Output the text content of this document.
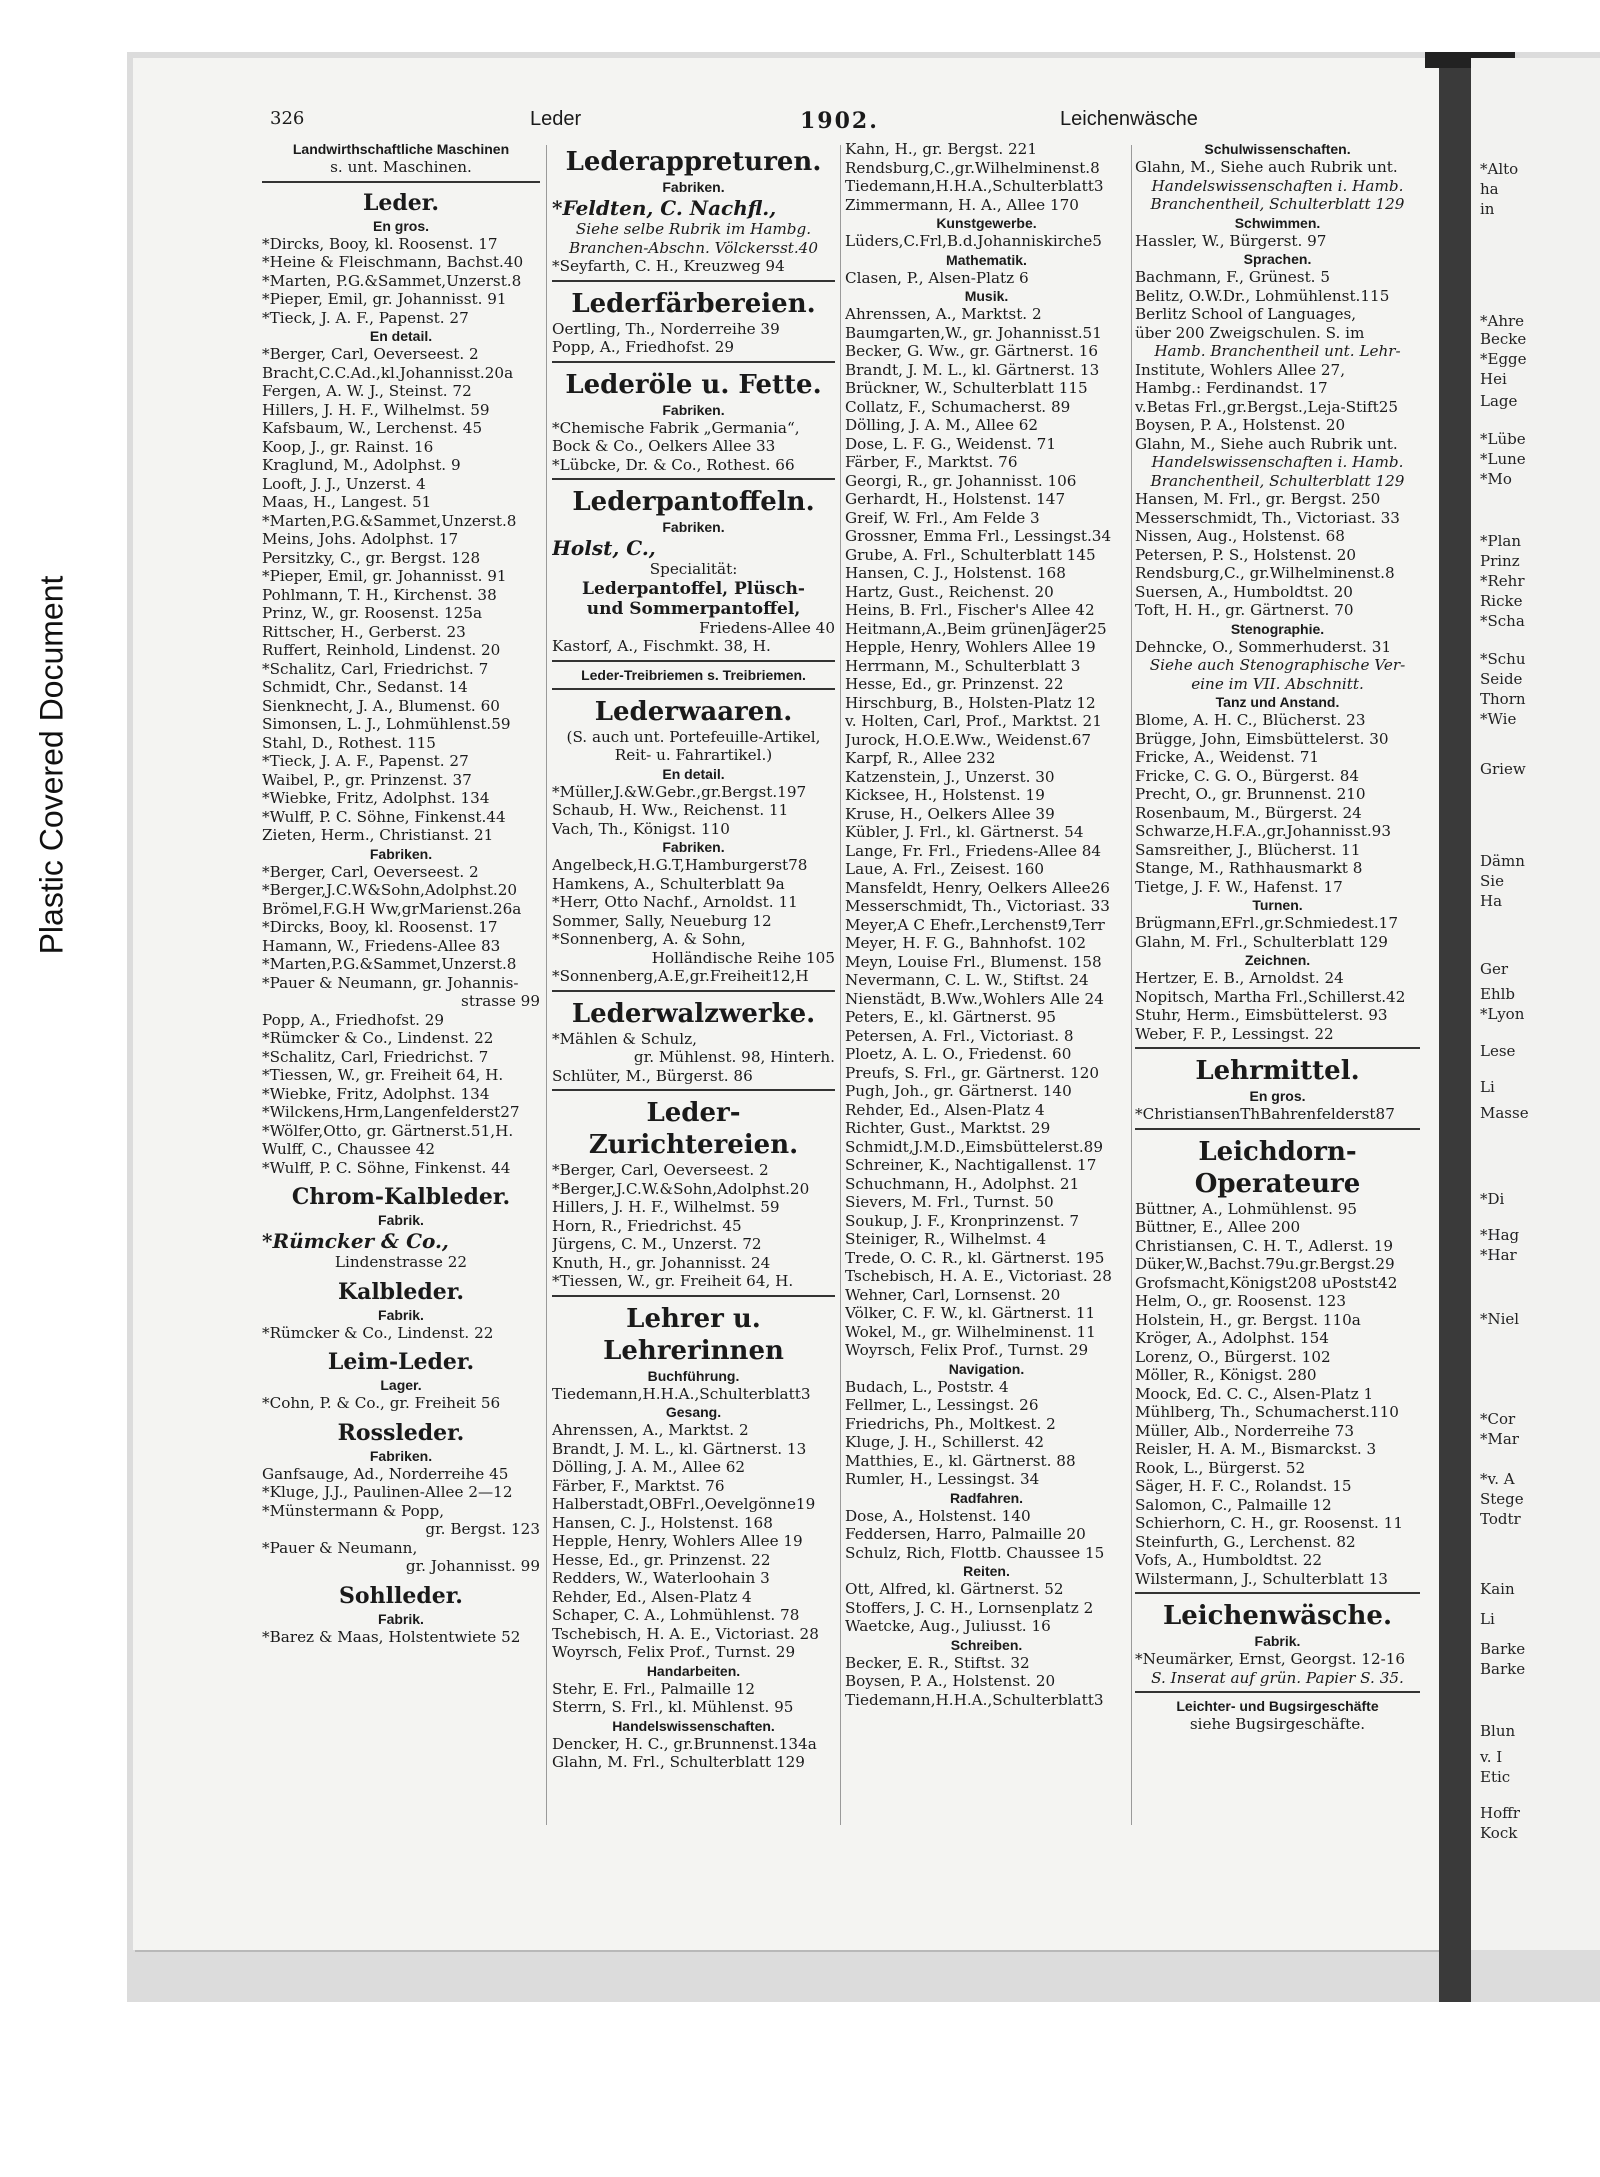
Plastic Covered Document
326	Leder	1902.	Leichenwäsche
Landwirthschaftliche Maschinen
s. unt. Maschinen.
Leder.
En gros.
*Dircks, Booy, kl. Roosenst. 17
*Heine & Fleischmann, Bachst.40
*Marten, P.G.&Sammet,Unzerst.8
*Pieper, Emil, gr. Johannisst. 91
*Tieck, J. A. F., Papenst. 27
En detail.
*Berger, Carl, Oeverseest. 2
Bracht,C.C.Ad.,kl.Johannisst.20a
Fergen, A. W. J., Steinst. 72
Hillers, J. H. F., Wilhelmst. 59
Kafsbaum, W., Lerchenst. 45
Koop, J., gr. Rainst. 16
Kraglund, M., Adolphst. 9
Looft, J. J., Unzerst. 4
Maas, H., Langest. 51
*Marten,P.G.&Sammet,Unzerst.8
Meins, Johs. Adolphst. 17
Persitzky, C., gr. Bergst. 128
*Pieper, Emil, gr. Johannisst. 91
Pohlmann, T. H., Kirchenst. 38
Prinz, W., gr. Roosenst. 125a
Rittscher, H., Gerberst. 23
Ruffert, Reinhold, Lindenst. 20
*Schalitz, Carl, Friedrichst. 7
Schmidt, Chr., Sedanst. 14
Sienknecht, J. A., Blumenst. 60
Simonsen, L. J., Lohmühlenst.59
Stahl, D., Rothest. 115
*Tieck, J. A. F., Papenst. 27
Waibel, P., gr. Prinzenst. 37
*Wiebke, Fritz, Adolphst. 134
*Wulff, P. C. Söhne, Finkenst.44
Zieten, Herm., Christianst. 21
Fabriken.
*Berger, Carl, Oeverseest. 2
*Berger,J.C.W&Sohn,Adolphst.20
Brömel,F.G.H Ww,grMarienst.26a
*Dircks, Booy, kl. Roosenst. 17
Hamann, W., Friedens-Allee 83
*Marten,P.G.&Sammet,Unzerst.8
*Pauer & Neumann, gr. Johannis-
strasse 99
Popp, A., Friedhofst. 29
*Rümcker & Co., Lindenst. 22
*Schalitz, Carl, Friedrichst. 7
*Tiessen, W., gr. Freiheit 64, H.
*Wiebke, Fritz, Adolphst. 134
*Wilckens,Hrm,Langenfelderst27
*Wölfer,Otto, gr. Gärtnerst.51,H.
Wulff, C., Chaussee 42
*Wulff, P. C. Söhne, Finkenst. 44
Chrom-Kalbleder.
Fabrik.
*Rümcker & Co.,
Lindenstrasse 22
Kalbleder.
Fabrik.
*Rümcker & Co., Lindenst. 22
Leim-Leder.
Lager.
*Cohn, P. & Co., gr. Freiheit 56
Rossleder.
Fabriken.
Ganfsauge, Ad., Norderreihe 45
*Kluge, J.J., Paulinen-Allee 2—12
*Münstermann & Popp,
gr. Bergst. 123
*Pauer & Neumann,
gr. Johannisst. 99
Sohlleder.
Fabrik.
*Barez & Maas, Holstentwiete 52
Lederappreturen.
Fabriken.
*Feldten, C. Nachfl.,
Siehe selbe Rubrik im Hambg.
Branchen-Abschn. Völckersst.40
*Seyfarth, C. H., Kreuzweg 94
Lederfärbereien.
Oertling, Th., Norderreihe 39
Popp, A., Friedhofst. 29
Lederöle u. Fette.
Fabriken.
*Chemische Fabrik „Germania“,
Bock & Co., Oelkers Allee 33
*Lübcke, Dr. & Co., Rothest. 66
Lederpantoffeln.
Fabriken.
Holst, C.,
Specialität:
Lederpantoffel, Plüsch-
und Sommerpantoffel,
Friedens-Allee 40
Kastorf, A., Fischmkt. 38, H.
Leder-Treibriemen s. Treibriemen.
Lederwaaren.
(S. auch unt. Portefeuille-Artikel,
Reit- u. Fahrartikel.)
En detail.
*Müller,J.&W.Gebr.,gr.Bergst.197
Schaub, H. Ww., Reichenst. 11
Vach, Th., Königst. 110
Fabriken.
Angelbeck,H.G.T,Hamburgerst78
Hamkens, A., Schulterblatt 9a
*Herr, Otto Nachf., Arnoldst. 11
Sommer, Sally, Neueburg 12
*Sonnenberg, A. & Sohn,
Holländische Reihe 105
*Sonnenberg,A.E,gr.Freiheit12,H
Lederwalzwerke.
*Mählen & Schulz,
gr. Mühlenst. 98, Hinterh.
Schlüter, M., Bürgerst. 86
Leder-Zurichtereien.
*Berger, Carl, Oeverseest. 2
*Berger,J.C.W.&Sohn,Adolphst.20
Hillers, J. H. F., Wilhelmst. 59
Horn, R., Friedrichst. 45
Jürgens, C. M., Unzerst. 72
Knuth, H., gr. Johannisst. 24
*Tiessen, W., gr. Freiheit 64, H.
Lehrer u. Lehrerinnen
Buchführung.
Tiedemann,H.H.A.,Schulterblatt3
Gesang.
Ahrenssen, A., Marktst. 2
Brandt, J. M. L., kl. Gärtnerst. 13
Dölling, J. A. M., Allee 62
Färber, F., Marktst. 76
Halberstadt,OBFrl.,Oevelgönne19
Hansen, C. J., Holstenst. 168
Hepple, Henry, Wohlers Allee 19
Hesse, Ed., gr. Prinzenst. 22
Redders, W., Waterloohain 3
Rehder, Ed., Alsen-Platz 4
Schaper, C. A., Lohmühlenst. 78
Tschebisch, H. A. E., Victoriast. 28
Woyrsch, Felix Prof., Turnst. 29
Handarbeiten.
Stehr, E. Frl., Palmaille 12
Sterrn, S. Frl., kl. Mühlenst. 95
Handelswissenschaften.
Dencker, H. C., gr.Brunnenst.134a
Glahn, M. Frl., Schulterblatt 129
Kahn, H., gr. Bergst. 221
Rendsburg,C.,gr.Wilhelminenst.8
Tiedemann,H.H.A.,Schulterblatt3
Zimmermann, H. A., Allee 170
Kunstgewerbe.
Lüders,C.Frl,B.d.Johanniskirche5
Mathematik.
Clasen, P., Alsen-Platz 6
Musik.
Ahrenssen, A., Marktst. 2
Baumgarten,W., gr. Johannisst.51
Becker, G. Ww., gr. Gärtnerst. 16
Brandt, J. M. L., kl. Gärtnerst. 13
Brückner, W., Schulterblatt 115
Collatz, F., Schumacherst. 89
Dölling, J. A. M., Allee 62
Dose, L. F. G., Weidenst. 71
Färber, F., Marktst. 76
Georgi, R., gr. Johannisst. 106
Gerhardt, H., Holstenst. 147
Greif, W. Frl., Am Felde 3
Grossner, Emma Frl., Lessingst.34
Grube, A. Frl., Schulterblatt 145
Hansen, C. J., Holstenst. 168
Hartz, Gust., Reichenst. 20
Heins, B. Frl., Fischer's Allee 42
Heitmann,A.,Beim grünenJäger25
Hepple, Henry, Wohlers Allee 19
Herrmann, M., Schulterblatt 3
Hesse, Ed., gr. Prinzenst. 22
Hirschburg, B., Holsten-Platz 12
v. Holten, Carl, Prof., Marktst. 21
Jurock, H.O.E.Ww., Weidenst.67
Karpf, R., Allee 232
Katzenstein, J., Unzerst. 30
Kicksee, H., Holstenst. 19
Kruse, H., Oelkers Allee 39
Kübler, J. Frl., kl. Gärtnerst. 54
Lange, Fr. Frl., Friedens-Allee 84
Laue, A. Frl., Zeisest. 160
Mansfeldt, Henry, Oelkers Allee26
Messerschmidt, Th., Victoriast. 33
Meyer,A C Ehefr.,Lerchenst9,Terr
Meyer, H. F. G., Bahnhofst. 102
Meyn, Louise Frl., Blumenst. 158
Nevermann, C. L. W., Stiftst. 24
Nienstädt, B.Ww.,Wohlers Alle 24
Peters, E., kl. Gärtnerst. 95
Petersen, A. Frl., Victoriast. 8
Ploetz, A. L. O., Friedenst. 60
Preufs, S. Frl., gr. Gärtnerst. 120
Pugh, Joh., gr. Gärtnerst. 140
Rehder, Ed., Alsen-Platz 4
Richter, Gust., Marktst. 29
Schmidt,J.M.D.,Eimsbüttelerst.89
Schreiner, K., Nachtigallenst. 17
Schuchmann, H., Adolphst. 21
Sievers, M. Frl., Turnst. 50
Soukup, J. F., Kronprinzenst. 7
Steiniger, R., Wilhelmst. 4
Trede, O. C. R., kl. Gärtnerst. 195
Tschebisch, H. A. E., Victoriast. 28
Wehner, Carl, Lornsenst. 20
Völker, C. F. W., kl. Gärtnerst. 11
Wokel, M., gr. Wilhelminenst. 11
Woyrsch, Felix Prof., Turnst. 29
Navigation.
Budach, L., Poststr. 4
Fellmer, L., Lessingst. 26
Friedrichs, Ph., Moltkest. 2
Kluge, J. H., Schillerst. 42
Matthies, E., kl. Gärtnerst. 88
Rumler, H., Lessingst. 34
Radfahren.
Dose, A., Holstenst. 140
Feddersen, Harro, Palmaille 20
Schulz, Rich, Flottb. Chaussee 15
Reiten.
Ott, Alfred, kl. Gärtnerst. 52
Stoffers, J. C. H., Lornsenplatz 2
Waetcke, Aug., Juliusst. 16
Schreiben.
Becker, E. R., Stiftst. 32
Boysen, P. A., Holstenst. 20
Tiedemann,H.H.A.,Schulterblatt3
Schulwissenschaften.
Glahn, M., Siehe auch Rubrik unt.
Handelswissenschaften i. Hamb.
Branchentheil, Schulterblatt 129
Schwimmen.
Hassler, W., Bürgerst. 97
Sprachen.
Bachmann, F., Grünest. 5
Belitz, O.W.Dr., Lohmühlenst.115
Berlitz School of Languages,
über 200 Zweigschulen. S. im
Hamb. Branchentheil unt. Lehr-
Institute, Wohlers Allee 27,
Hambg.: Ferdinandst. 17
v.Betas Frl.,gr.Bergst.,Leja-Stift25
Boysen, P. A., Holstenst. 20
Glahn, M., Siehe auch Rubrik unt.
Handelswissenschaften i. Hamb.
Branchentheil, Schulterblatt 129
Hansen, M. Frl., gr. Bergst. 250
Messerschmidt, Th., Victoriast. 33
Nissen, Aug., Holstenst. 68
Petersen, P. S., Holstenst. 20
Rendsburg,C., gr.Wilhelminenst.8
Suersen, A., Humboldtst. 20
Toft, H. H., gr. Gärtnerst. 70
Stenographie.
Dehncke, O., Sommerhuderst. 31
Siehe auch Stenographische Ver-
eine im VII. Abschnitt.
Tanz und Anstand.
Blome, A. H. C., Blücherst. 23
Brügge, John, Eimsbüttelerst. 30
Fricke, A., Weidenst. 71
Fricke, C. G. O., Bürgerst. 84
Precht, O., gr. Brunnenst. 210
Rosenbaum, M., Bürgerst. 24
Schwarze,H.F.A.,gr.Johannisst.93
Samsreither, J., Blücherst. 11
Stange, M., Rathhausmarkt 8
Tietge, J. F. W., Hafenst. 17
Turnen.
Brügmann,EFrl.,gr.Schmiedest.17
Glahn, M. Frl., Schulterblatt 129
Zeichnen.
Hertzer, E. B., Arnoldst. 24
Nopitsch, Martha Frl.,Schillerst.42
Stuhr, Herm., Eimsbüttelerst. 93
Weber, F. P., Lessingst. 22
Lehrmittel.
En gros.
*ChristiansenThBahrenfelderst87
Leichdorn-Operateure
Büttner, A., Lohmühlenst. 95
Büttner, E., Allee 200
Christiansen, C. H. T., Adlerst. 19
Düker,W.,Bachst.79u.gr.Bergst.29
Grofsmacht,Königst208 uPostst42
Helm, O., gr. Roosenst. 123
Holstein, H., gr. Bergst. 110a
Kröger, A., Adolphst. 154
Lorenz, O., Bürgerst. 102
Möller, R., Königst. 280
Moock, Ed. C. C., Alsen-Platz 1
Mühlberg, Th., Schumacherst.110
Müller, Alb., Norderreihe 73
Reisler, H. A. M., Bismarckst. 3
Rook, L., Bürgerst. 52
Säger, H. F. C., Rolandst. 15
Salomon, C., Palmaille 12
Schierhorn, C. H., gr. Roosenst. 11
Steinfurth, G., Lerchenst. 82
Vofs, A., Humboldtst. 22
Wilstermann, J., Schulterblatt 13
Leichenwäsche.
Fabrik.
*Neumärker, Ernst, Georgst. 12-16
S. Inserat auf grün. Papier S. 35.
Leichter- und Bugsirgeschäfte
siehe Bugsirgeschäfte.
*Alto
ha
in
*Ahre
Becke
*Egge
Hei
Lage
*Lübe
*Lune
*Mo
*Plan
Prinz
*Rehr
Ricke
*Scha
*Schu
Seide
Thorn
*Wie
Griew
Dämn
Sie
Ha
Ger
Ehlb
*Lyon
Lese
Li
Masse
*Di
*Hag
*Har
*Niel
*Cor
*Mar
*v. A
Stege
Todtr
Kain
Li
Barke
Barke
Blun
v. I
Etic
Hoffr
Kock
